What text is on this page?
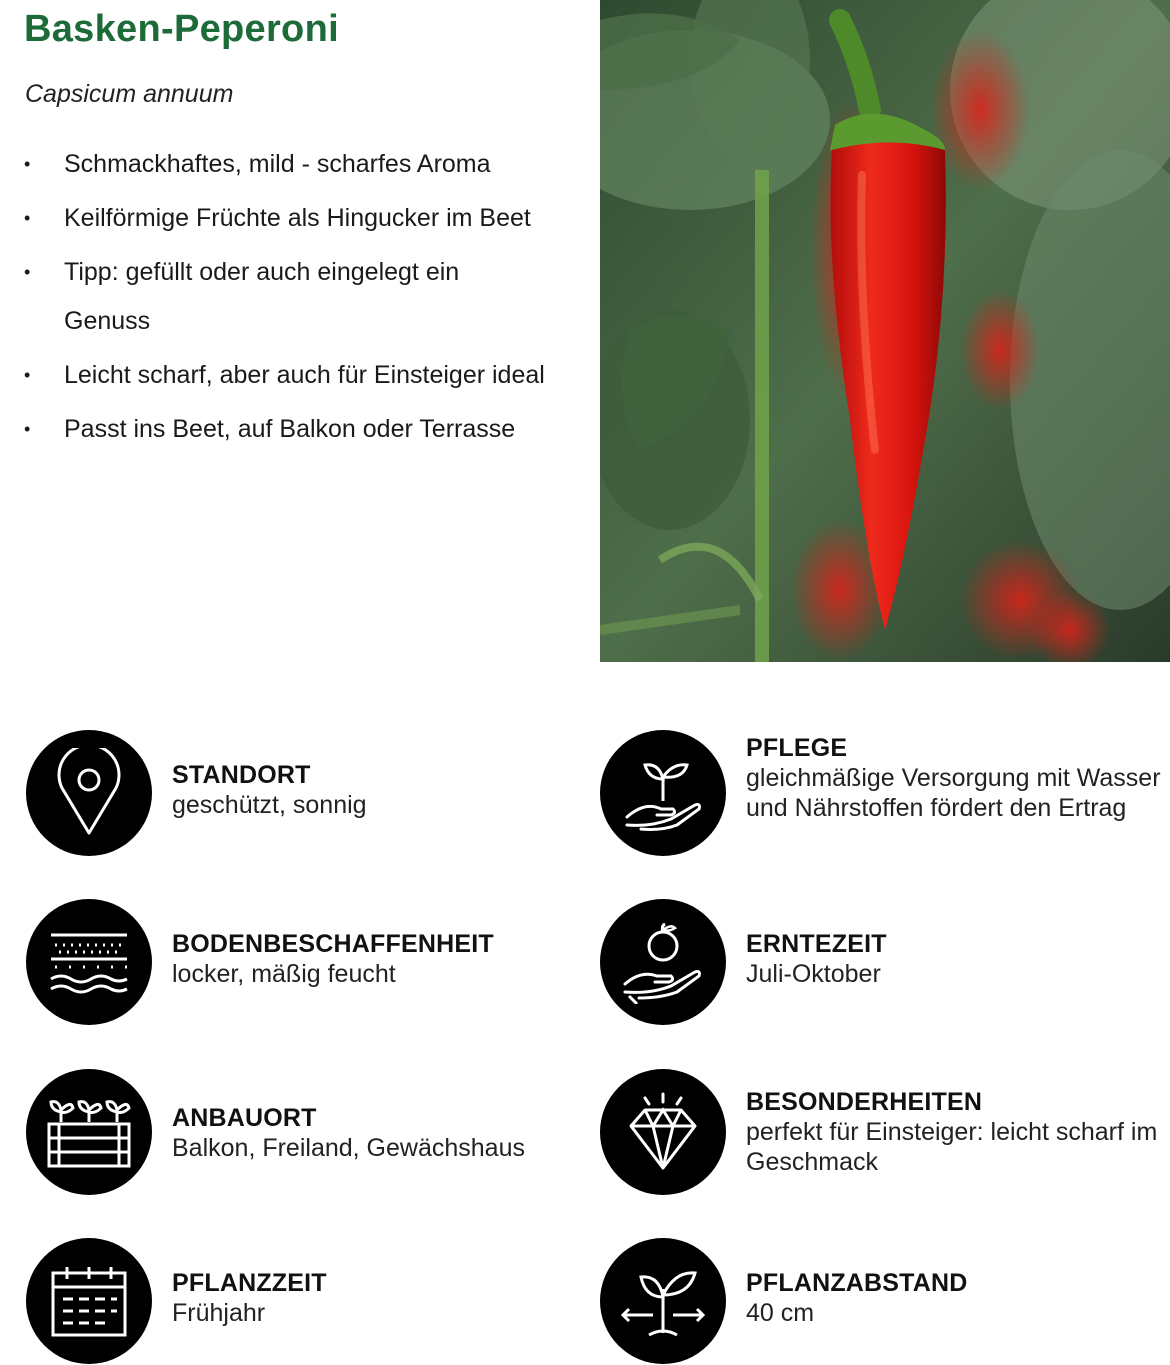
Basken-Peperoni
Capsicum annuum
• Schmackhaftes, mild - scharfes Aroma
• Keilförmige Früchte als Hingucker im Beet
• Tipp: gefüllt oder auch eingelegt ein Genuss
• Leicht scharf, aber auch für Einsteiger ideal
• Passt ins Beet, auf Balkon oder Terrasse
STANDORT
geschützt, sonnig
PFLEGE
gleichmäßige Versorgung mit Wasser und Nährstoffen fördert den Ertrag
BODENBESCHAFFENHEIT
locker, mäßig feucht
ERNTEZEIT
Juli-Oktober
ANBAUORT
Balkon, Freiland, Gewächshaus
BESONDERHEITEN
perfekt für Einsteiger: leicht scharf im Geschmack
PFLANZZEIT
Frühjahr
PFLANZABSTAND
40 cm
